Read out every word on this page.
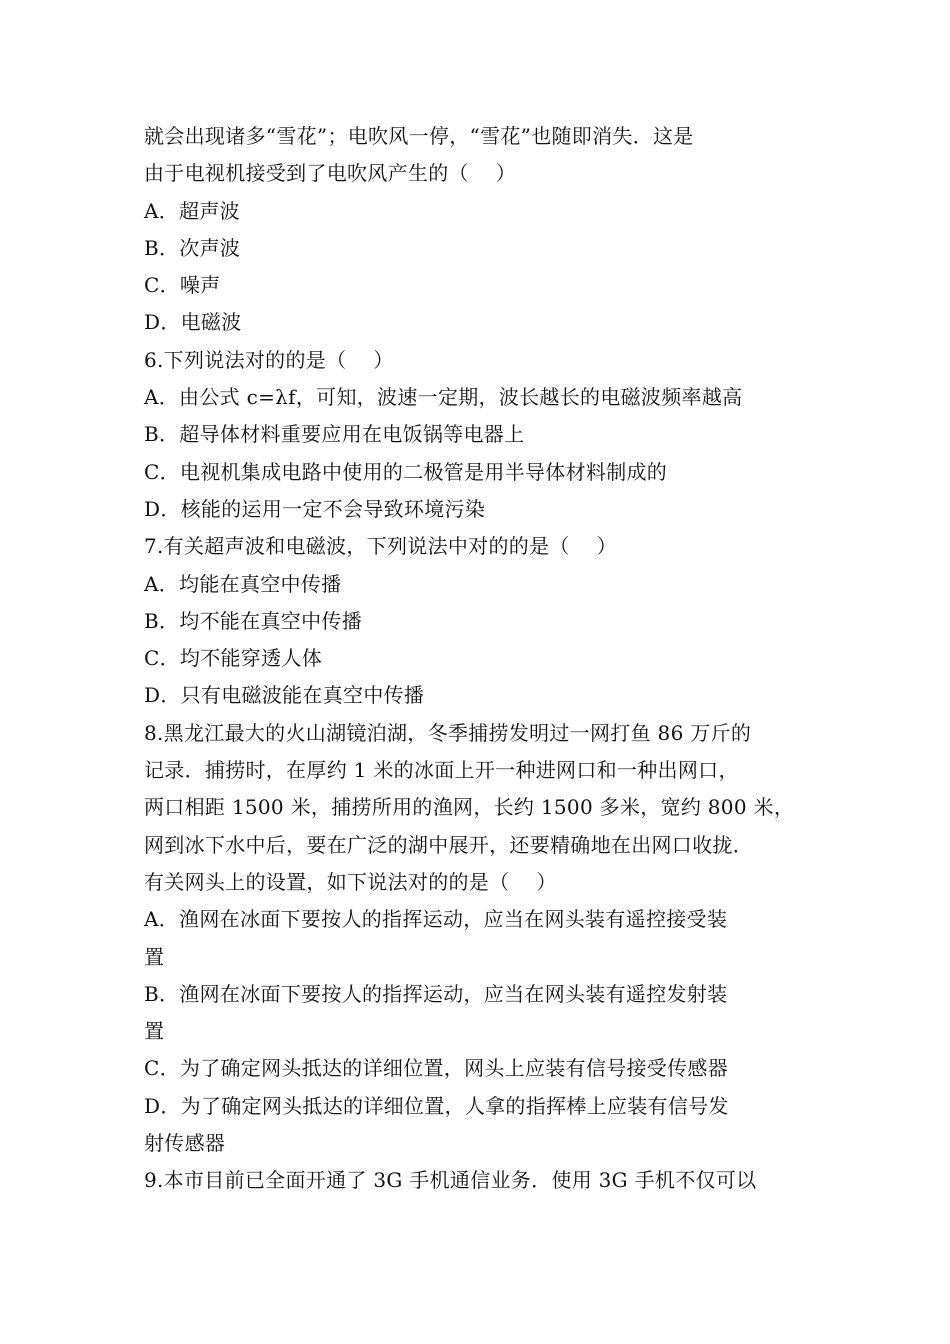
就会出现诸多“雪花”；电吹风一停，“雪花”也随即消失．这是
由于电视机接受到了电吹风产生的（　 ）
A．超声波
B．次声波
C．噪声
D．电磁波
6.下列说法对的的是（　 ）
A．由公式 c=λf，可知，波速一定期，波长越长的电磁波频率越高
B．超导体材料重要应用在电饭锅等电器上
C．电视机集成电路中使用的二极管是用半导体材料制成的
D．核能的运用一定不会导致环境污染
7.有关超声波和电磁波，下列说法中对的的是（　 ）
A．均能在真空中传播
B．均不能在真空中传播
C．均不能穿透人体
D．只有电磁波能在真空中传播
8.黑龙江最大的火山湖镜泊湖，冬季捕捞发明过一网打鱼 86 万斤的
记录．捕捞时，在厚约 1 米的冰面上开一种进网口和一种出网口，
两口相距 1500 米，捕捞所用的渔网，长约 1500 多米，宽约 800 米，
网到冰下水中后，要在广泛的湖中展开，还要精确地在出网口收拢．
有关网头上的设置，如下说法对的的是（　 ）
A．渔网在冰面下要按人的指挥运动，应当在网头装有遥控接受装
置
B．渔网在冰面下要按人的指挥运动，应当在网头装有遥控发射装
置
C．为了确定网头抵达的详细位置，网头上应装有信号接受传感器
D．为了确定网头抵达的详细位置，人拿的指挥棒上应装有信号发
射传感器
9.本市目前已全面开通了 3G 手机通信业务．使用 3G 手机不仅可以
